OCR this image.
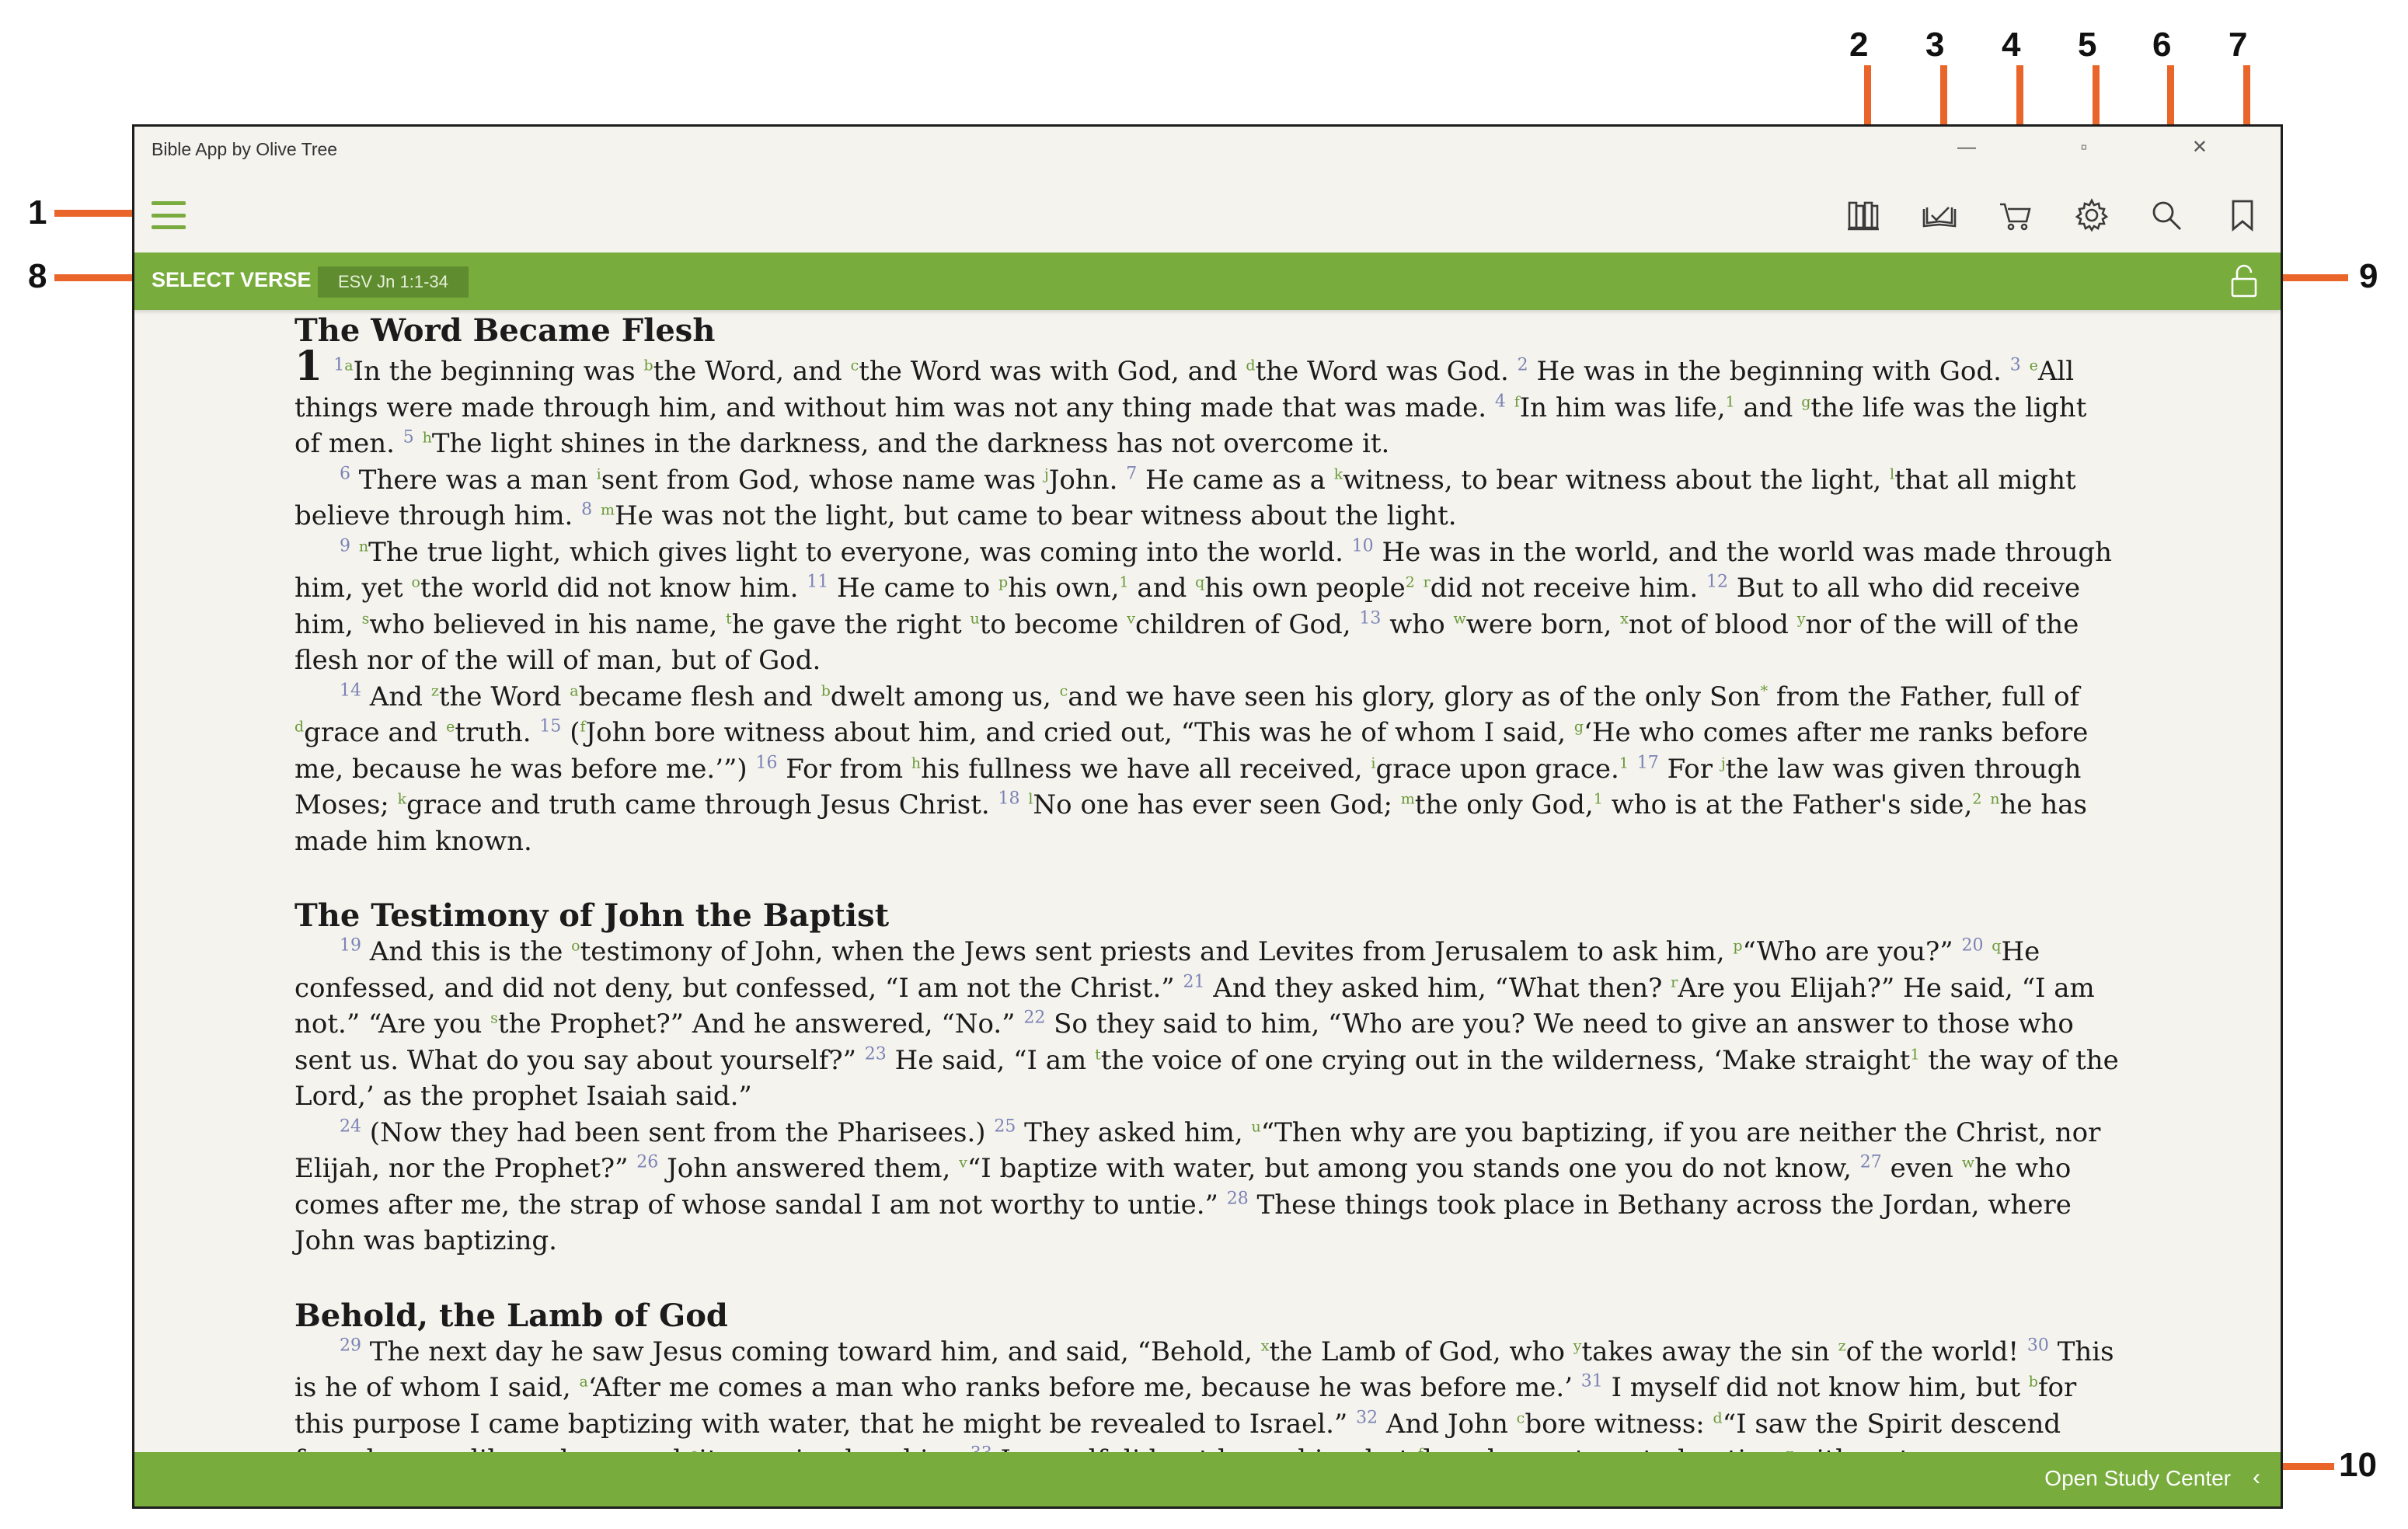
1
2 3 4 5 6 7
8	9
10
Bible App by Olive Tree	— ▫ ✕
SELECT VERSE	ESV Jn 1:1-34
The Word Became Flesh

1 $^{1a}$In the beginning was $^b$the Word, and $^c$the Word was with God, and $^d$the Word was God. $^2$ He was in the beginning with God. $^3$ $^e$All things were made through him, and without him was not any thing made that was made. $^4$ $^f$In him was life,$^1$ and $^g$the life was the light of men. $^5$ $^h$The light shines in the darkness, and the darkness has not overcome it.

$^6$ There was a man $^i$sent from God, whose name was $^j$John. $^7$ He came as a $^k$witness, to bear witness about the light, $^l$that all might believe through him. $^8$ $^m$He was not the light, but came to bear witness about the light.

$^9$ $^n$The true light, which gives light to everyone, was coming into the world. $^{10}$ He was in the world, and the world was made through him, yet $^o$the world did not know him. $^{11}$ He came to $^p$his own,$^1$ and $^q$his own people$^2$ $^r$did not receive him. $^{12}$ But to all who did receive him, $^s$who believed in his name, $^t$he gave the right $^u$to become $^v$children of God, $^{13}$ who $^w$were born, $^x$not of blood $^y$nor of the will of the flesh nor of the will of man, but of God.

$^{14}$ And $^z$the Word $^a$became flesh and $^b$dwelt among us, $^c$and we have seen his glory, glory as of the only Son* from the Father, full of $^d$grace and $^e$truth. $^{15}$ ($^f$John bore witness about him, and cried out, “This was he of whom I said, $^g$‘He who comes after me ranks before me, because he was before me.’”) $^{16}$ For from $^h$his fullness we have all received, $^i$grace upon grace.$^1$ $^{17}$ For $^j$the law was given through Moses; $^k$grace and truth came through Jesus Christ. $^{18}$ $^l$No one has ever seen God; $^m$the only God,$^1$ who is at the Father's side,$^2$ $^n$he has made him known.

The Testimony of John the Baptist

$^{19}$ And this is the $^o$testimony of John, when the Jews sent priests and Levites from Jerusalem to ask him, $^p$“Who are you?” $^{20}$ $^q$He confessed, and did not deny, but confessed, “I am not the Christ.” $^{21}$ And they asked him, “What then? $^r$Are you Elijah?” He said, “I am not.” “Are you $^s$the Prophet?” And he answered, “No.” $^{22}$ So they said to him, “Who are you? We need to give an answer to those who sent us. What do you say about yourself?” $^{23}$ He said, “I am $^t$the voice of one crying out in the wilderness, ‘Make straight$^1$ the way of the Lord,’ as the prophet Isaiah said.”

$^{24}$ (Now they had been sent from the Pharisees.) $^{25}$ They asked him, $^u$“Then why are you baptizing, if you are neither the Christ, nor Elijah, nor the Prophet?” $^{26}$ John answered them, $^v$“I baptize with water, but among you stands one you do not know, $^{27}$ even $^w$he who comes after me, the strap of whose sandal I am not worthy to untie.” $^{28}$ These things took place in Bethany across the Jordan, where John was baptizing.

Behold, the Lamb of God

$^{29}$ The next day he saw Jesus coming toward him, and said, “Behold, $^x$the Lamb of God, who $^y$takes away the sin $^z$of the world! $^{30}$ This is he of whom I said, $^a$‘After me comes a man who ranks before me, because he was before me.’ $^{31}$ I myself did not know him, but $^b$for this purpose I came baptizing with water, that he might be revealed to Israel.” $^{32}$ And John $^c$bore witness: $^d$“I saw the Spirit descend

Open Study Center ‹
